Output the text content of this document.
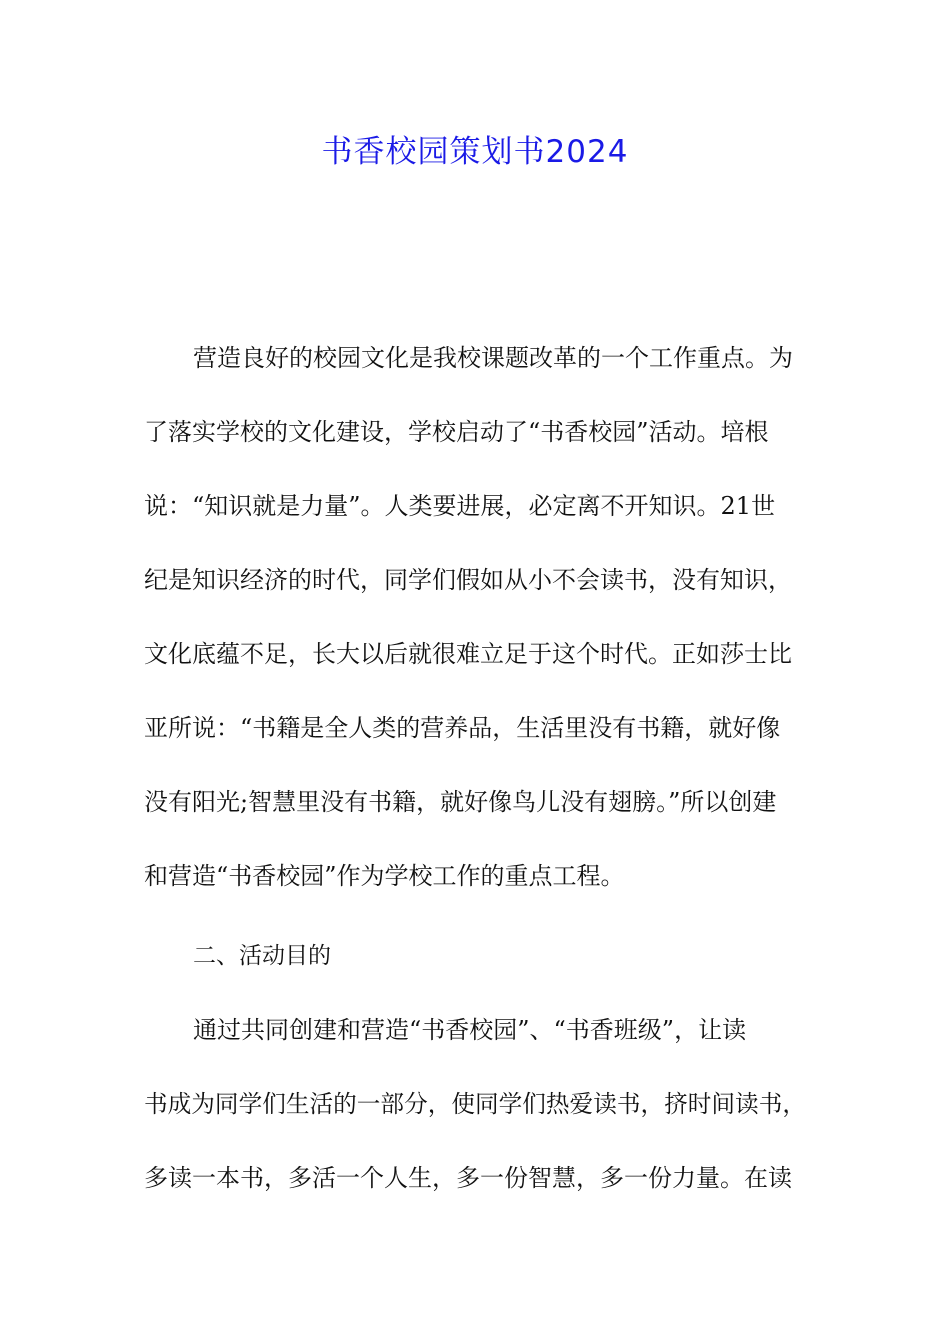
书香校园策划书2024
营造良好的校园文化是我校课题改革的一个工作重点。为
了落实学校的文化建设，学校启动了“书香校园”活动。培根
说：“知识就是力量”。人类要进展，必定离不开知识。21世
纪是知识经济的时代，同学们假如从小不会读书，没有知识，
文化底蕴不足，长大以后就很难立足于这个时代。正如莎士比
亚所说：“书籍是全人类的营养品，生活里没有书籍，就好像
没有阳光;智慧里没有书籍，就好像鸟儿没有翅膀。”所以创建
和营造“书香校园”作为学校工作的重点工程。
二、活动目的
通过共同创建和营造“书香校园”、“书香班级”，让读
书成为同学们生活的一部分，使同学们热爱读书，挤时间读书，
多读一本书，多活一个人生，多一份智慧，多一份力量。在读
